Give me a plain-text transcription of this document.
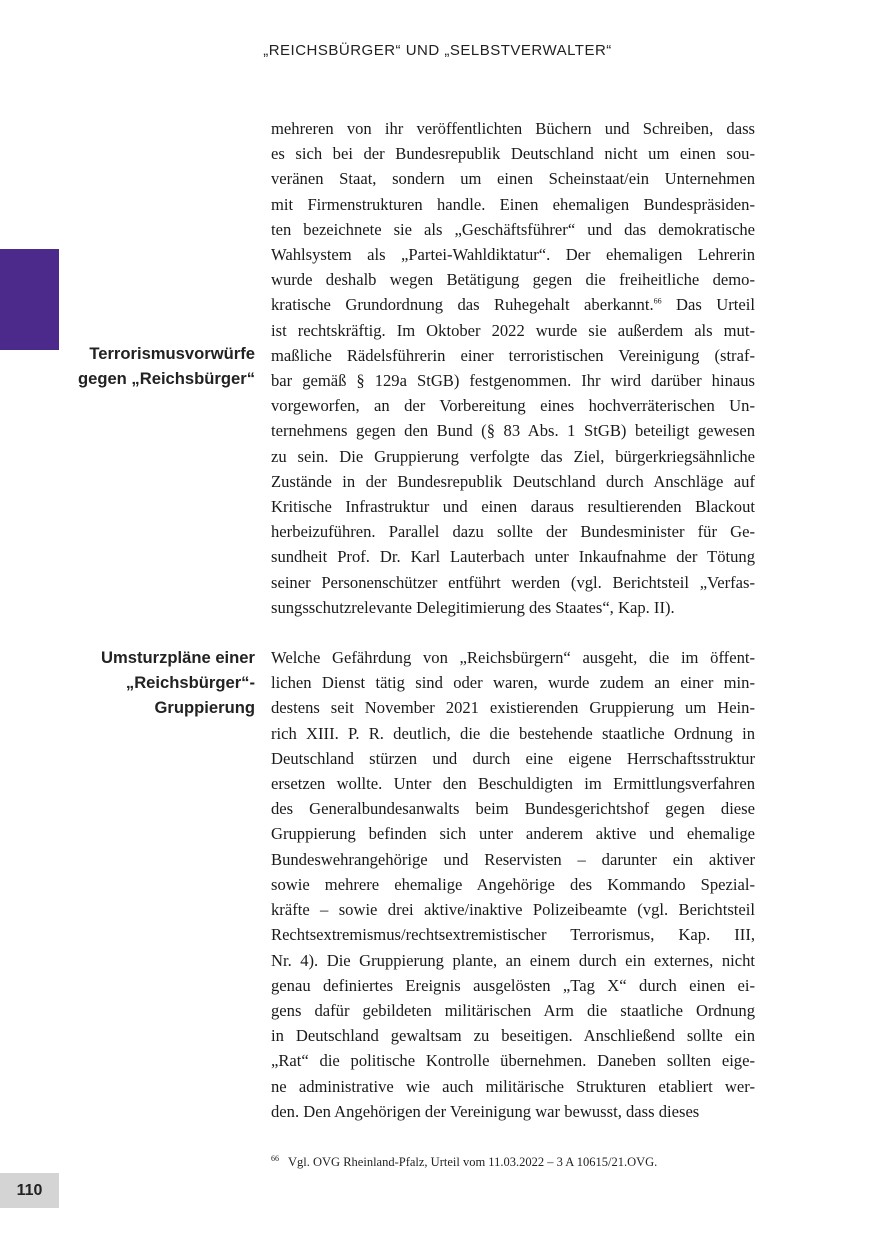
„REICHSBÜRGER“ UND „SELBSTVERWALTER“
Terrorismusvorwürfe
gegen „Reichsbürger“
Umsturzpläne einer
„Reichsbürger“-
Gruppierung

mehreren von ihr veröffentlichten Büchern und Schreiben, dass
es sich bei der Bundesrepublik Deutschland nicht um einen sou-
veränen Staat, sondern um einen Scheinstaat/ein Unternehmen
mit Firmenstrukturen handle. Einen ehemaligen Bundespräsiden-
ten bezeichnete sie als „Geschäftsführer“ und das demokratische
Wahlsystem als „Partei-Wahldiktatur“. Der ehemaligen Lehrerin
wurde deshalb wegen Betätigung gegen die freiheitliche demo-
kratische Grundordnung das Ruhegehalt aberkannt.$^{66}$ Das Urteil
ist rechtskräftig. Im Oktober 2022 wurde sie außerdem als mut-
maßliche Rädelsführerin einer terroristischen Vereinigung (straf-
bar gemäß § 129a StGB) festgenommen. Ihr wird darüber hinaus
vorgeworfen, an der Vorbereitung eines hochverräterischen Un-
ternehmens gegen den Bund (§ 83 Abs. 1 StGB) beteiligt gewesen
zu sein. Die Gruppierung verfolgte das Ziel, bürgerkriegsähnliche
Zustände in der Bundesrepublik Deutschland durch Anschläge auf
Kritische Infrastruktur und einen daraus resultierenden Blackout
herbeizuführen. Parallel dazu sollte der Bundesminister für Ge-
sundheit Prof. Dr. Karl Lauterbach unter Inkaufnahme der Tötung
seiner Personenschützer entführt werden (vgl. Berichtsteil „Verfas-
sungsschutzrelevante Delegitimierung des Staates“, Kap. II).

Welche Gefährdung von „Reichsbürgern“ ausgeht, die im öffent-
lichen Dienst tätig sind oder waren, wurde zudem an einer min-
destens seit November 2021 existierenden Gruppierung um Hein-
rich XIII. P. R. deutlich, die die bestehende staatliche Ordnung in
Deutschland stürzen und durch eine eigene Herrschaftsstruktur
ersetzen wollte. Unter den Beschuldigten im Ermittlungsverfahren
des Generalbundesanwalts beim Bundesgerichtshof gegen diese
Gruppierung befinden sich unter anderem aktive und ehemalige
Bundeswehrangehörige und Reservisten – darunter ein aktiver
sowie mehrere ehemalige Angehörige des Kommando Spezial-
kräfte – sowie drei aktive/inaktive Polizeibeamte (vgl. Berichtsteil
Rechtsextremismus/rechtsextremistischer Terrorismus, Kap. III,
Nr. 4). Die Gruppierung plante, an einem durch ein externes, nicht
genau definiertes Ereignis ausgelösten „Tag X“ durch einen ei-
gens dafür gebildeten militärischen Arm die staatliche Ordnung
in Deutschland gewaltsam zu beseitigen. Anschließend sollte ein
„Rat“ die politische Kontrolle übernehmen. Daneben sollten eige-
ne administrative wie auch militärische Strukturen etabliert wer-
den. Den Angehörigen der Vereinigung war bewusst, dass dieses

$^{66}$ Vgl. OVG Rheinland-Pfalz, Urteil vom 11.03.2022 – 3 A 10615/21.OVG.
110
